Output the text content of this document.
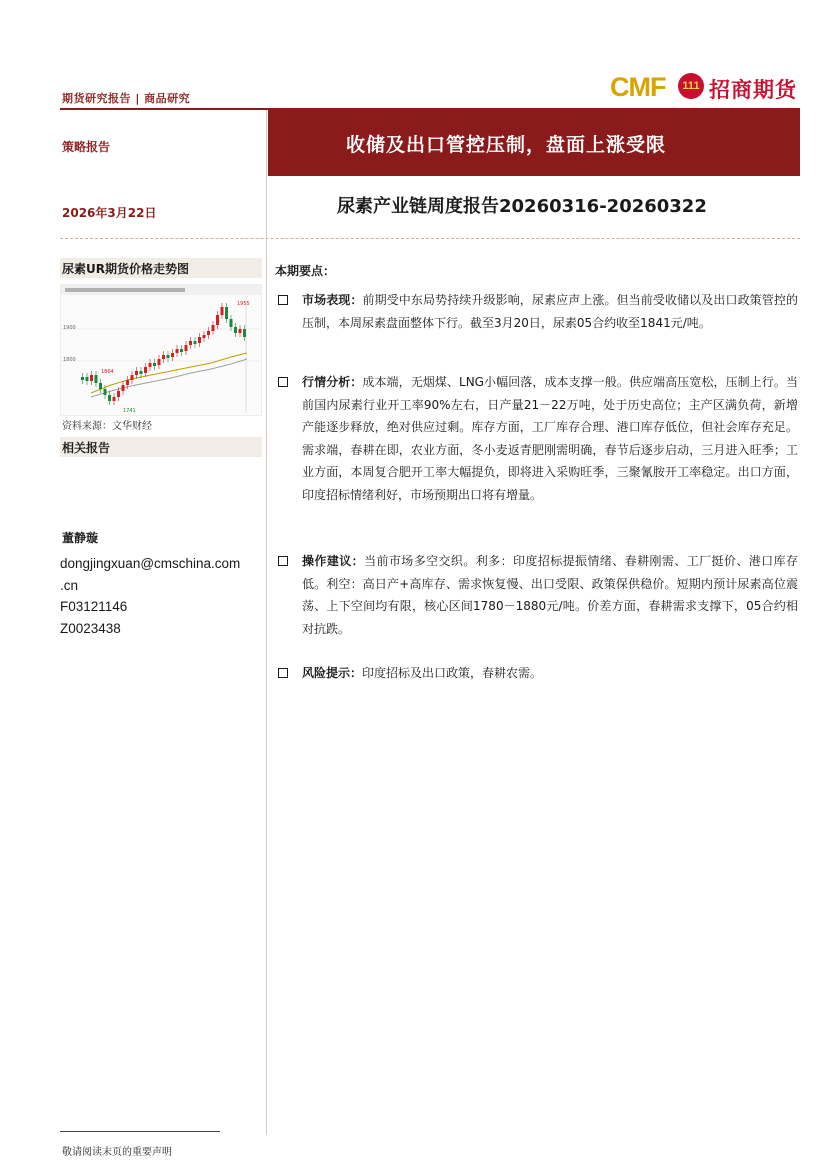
期货研究报告 | 商品研究	CMF	111 招商期货
收储及出口管控压制，盘面上涨受限
策略报告
2026年3月22日	尿素产业链周度报告20260316-20260322
尿素UR期货价格走势图
1900
1800
1955
1864
1741
资料来源：文华财经
相关报告
董静璇
dongjingxuan@cmschina.com
.cn
F03121146
Z0023438
本期要点：
市场表现：前期受中东局势持续升级影响，尿素应声上涨。但当前受收储以及出口政策管控的压制，本周尿素盘面整体下行。截至3月20日，尿素05合约收至1841元/吨。
行情分析：成本端，无烟煤、LNG小幅回落，成本支撑一般。供应端高压宽松，压制上行。当前国内尿素行业开工率90%左右，日产量21－22万吨，处于历史高位；主产区满负荷，新增产能逐步释放，绝对供应过剩。库存方面，工厂库存合理、港口库存低位，但社会库存充足。需求端，春耕在即，农业方面，冬小麦返青肥刚需明确，春节后逐步启动，三月进入旺季；工业方面，本周复合肥开工率大幅提负，即将进入采购旺季，三聚氰胺开工率稳定。出口方面，印度招标情绪利好，市场预期出口将有增量。
操作建议：当前市场多空交织。利多：印度招标提振情绪、春耕刚需、工厂挺价、港口库存低。利空：高日产+高库存、需求恢复慢、出口受限、政策保供稳价。短期内预计尿素高位震荡、上下空间均有限，核心区间1780－1880元/吨。价差方面，春耕需求支撑下，05合约相对抗跌。
风险提示：印度招标及出口政策，春耕农需。
敬请阅读末页的重要声明
